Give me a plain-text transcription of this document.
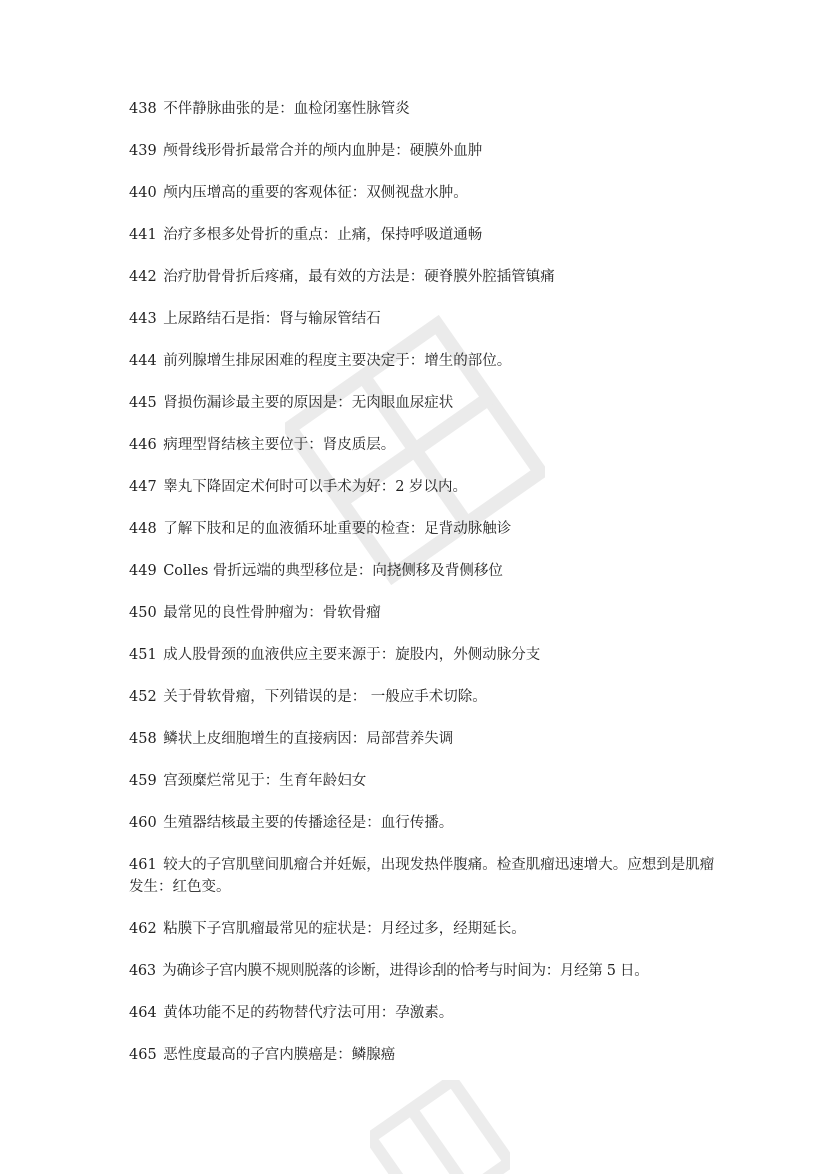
438 不伴静脉曲张的是：血检闭塞性脉管炎

439 颅骨线形骨折最常合并的颅内血肿是：硬膜外血肿

440 颅内压增高的重要的客观体征：双侧视盘水肿。

441 治疗多根多处骨折的重点：止痛，保持呼吸道通畅

442 治疗肋骨骨折后疼痛，最有效的方法是：硬脊膜外腔插管镇痛

443 上尿路结石是指：肾与输尿管结石

444 前列腺增生排尿困难的程度主要决定于：增生的部位。

445 肾损伤漏诊最主要的原因是：无肉眼血尿症状

446 病理型肾结核主要位于：肾皮质层。

447 睾丸下降固定术何时可以手术为好：2 岁以内。

448 了解下肢和足的血液循环址重要的检查：足背动脉触诊

449 Colles 骨折远端的典型移位是：向挠侧移及背侧移位

450 最常见的良性骨肿瘤为：骨软骨瘤

451 成人股骨颈的血液供应主要来源于：旋股内，外侧动脉分支

452 关于骨软骨瘤，下列错误的是： 一般应手术切除。

458 鳞状上皮细胞增生的直接病因：局部营养失调

459 宫颈糜烂常见于：生育年龄妇女

460 生殖器结核最主要的传播途径是：血行传播。

461 较大的子宫肌壁间肌瘤合并妊娠，出现发热伴腹痛。检查肌瘤迅速增大。应想到是肌瘤发生：红色变。

462 粘膜下子宫肌瘤最常见的症状是：月经过多，经期延长。

463 为确诊子宫内膜不规则脱落的诊断，进得诊刮的恰考与时间为：月经第 5 日。

464 黄体功能不足的药物替代疗法可用：孕激素。

465 恶性度最高的子宫内膜癌是：鳞腺癌
